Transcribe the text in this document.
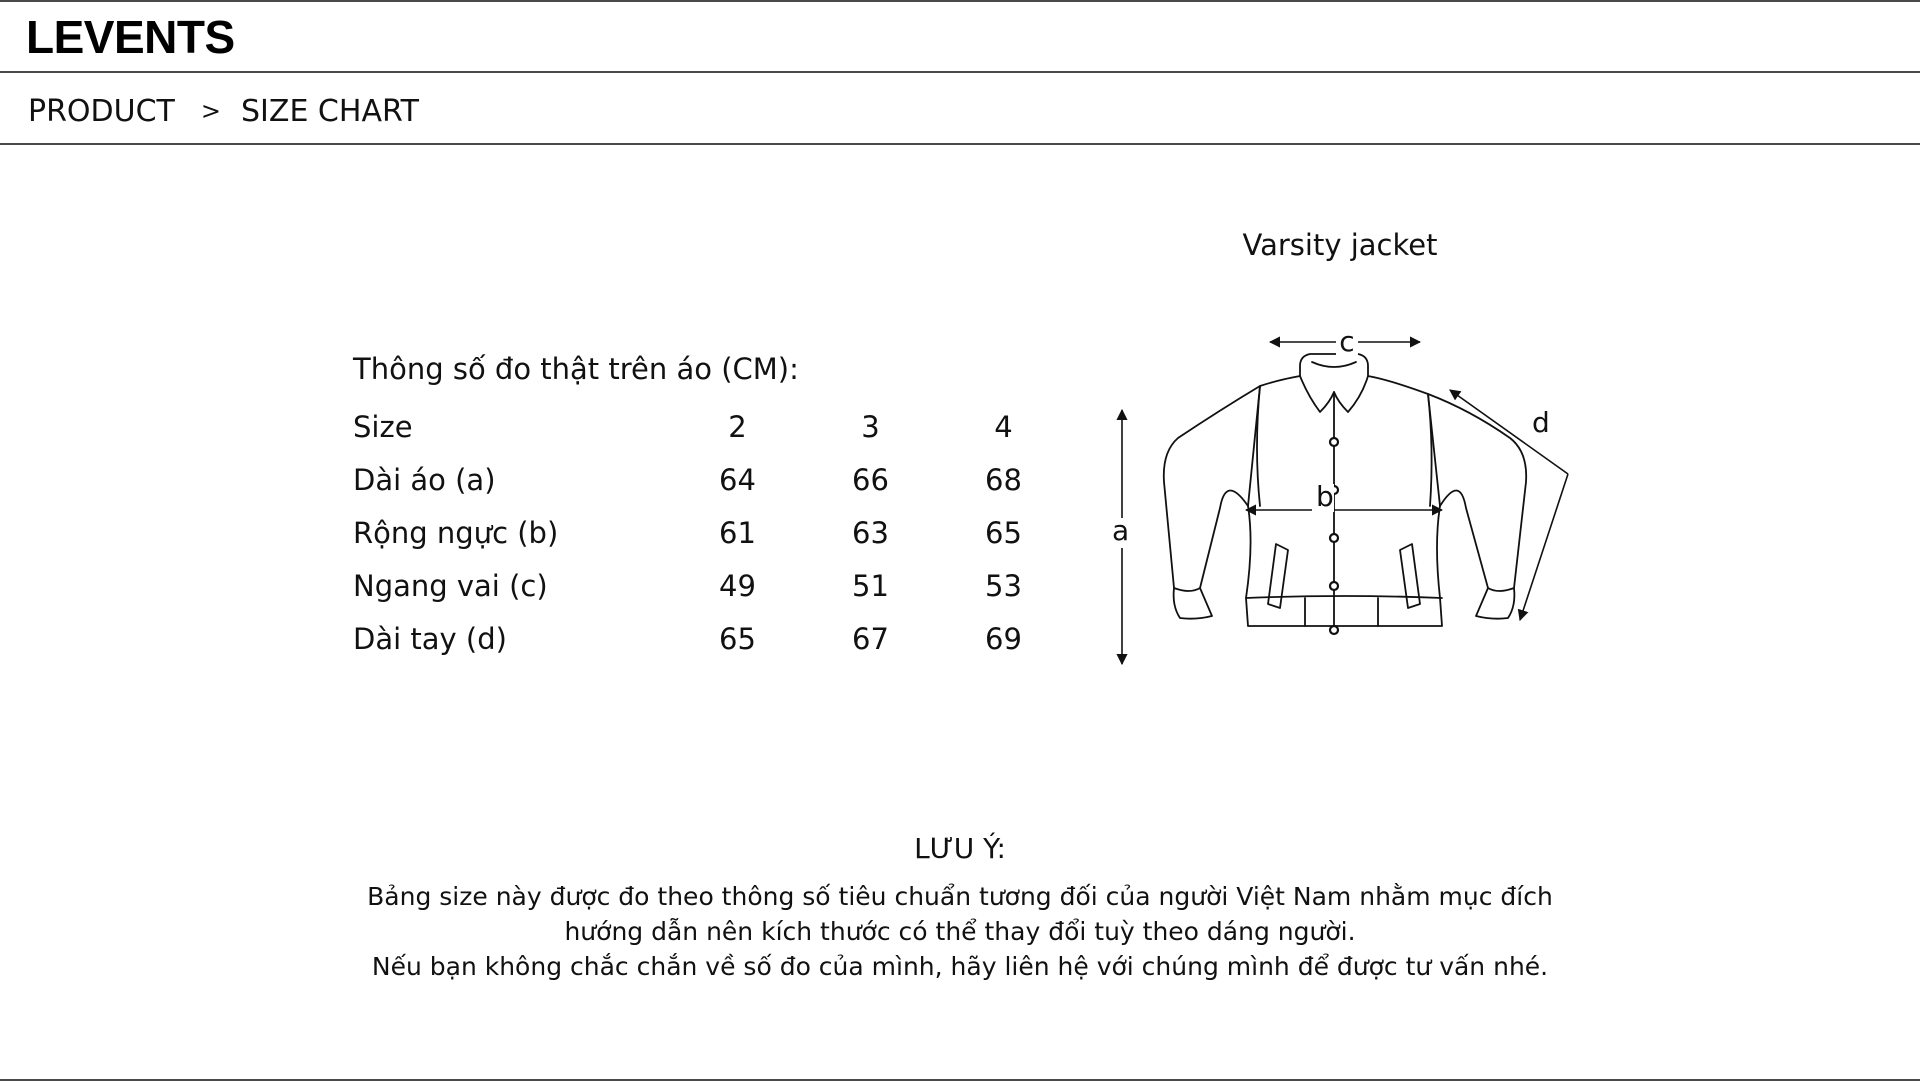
LEVENTS
PRODUCT > SIZE CHART
Thông số đo thật trên áo (CM):
Size	2	3	4
Dài áo (a)	64	66	68
Rộng ngực (b)	61	63	65
Ngang vai (c)	49	51	53
Dài tay (d)	65	67	69
Varsity jacket
c
b
a
d
LƯU Ý:
Bảng size này được đo theo thông số tiêu chuẩn tương đối của người Việt Nam nhằm mục đích
hướng dẫn nên kích thước có thể thay đổi tuỳ theo dáng người.
Nếu bạn không chắc chắn về số đo của mình, hãy liên hệ với chúng mình để được tư vấn nhé.
